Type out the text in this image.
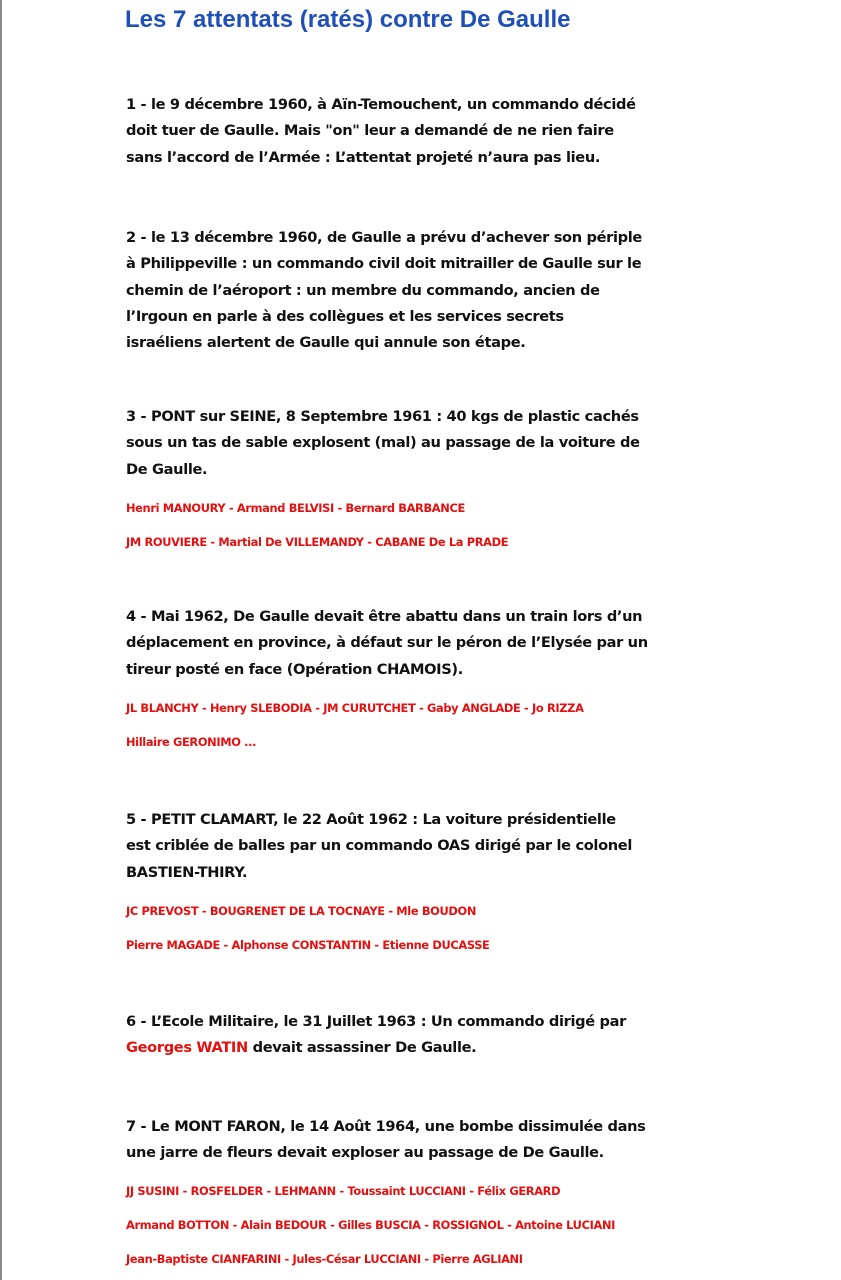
Les 7 attentats (ratés) contre De Gaulle

1 - le 9 décembre 1960, à Aïn-Temouchent, un commando décidé
doit tuer de Gaulle. Mais "on" leur a demandé de ne rien faire
sans l’accord de l’Armée : L’attentat projeté n’aura pas lieu.

2 - le 13 décembre 1960, de Gaulle a prévu d’achever son périple
à Philippeville : un commando civil doit mitrailler de Gaulle sur le
chemin de l’aéroport : un membre du commando, ancien de
l’Irgoun en parle à des collègues et les services secrets
israéliens alertent de Gaulle qui annule son étape.

3 - PONT sur SEINE, 8 Septembre 1961 : 40 kgs de plastic cachés
sous un tas de sable explosent (mal) au passage de la voiture de
De Gaulle.

Henri MANOURY - Armand BELVISI - Bernard BARBANCE
JM ROUVIERE - Martial De VILLEMANDY - CABANE De La PRADE

4 - Mai 1962, De Gaulle devait être abattu dans un train lors d’un
déplacement en province, à défaut sur le péron de l’Elysée par un
tireur posté en face (Opération CHAMOIS).

JL BLANCHY - Henry SLEBODIA - JM CURUTCHET - Gaby ANGLADE - Jo RIZZA
Hillaire GERONIMO ...

5 - PETIT CLAMART, le 22 Août 1962 : La voiture présidentielle
est criblée de balles par un commando OAS dirigé par le colonel
BASTIEN-THIRY.

JC PREVOST - BOUGRENET DE LA TOCNAYE - Mle BOUDON
Pierre MAGADE - Alphonse CONSTANTIN - Etienne DUCASSE

6 - L’Ecole Militaire, le 31 Juillet 1963 : Un commando dirigé par
Georges WATIN devait assassiner De Gaulle.

7 - Le MONT FARON, le 14 Août 1964, une bombe dissimulée dans
une jarre de fleurs devait exploser au passage de De Gaulle.

JJ SUSINI - ROSFELDER - LEHMANN - Toussaint LUCCIANI - Félix GERARD
Armand BOTTON - Alain BEDOUR - Gilles BUSCIA - ROSSIGNOL - Antoine LUCIANI
Jean-Baptiste CIANFARINI - Jules-César LUCCIANI - Pierre AGLIANI
